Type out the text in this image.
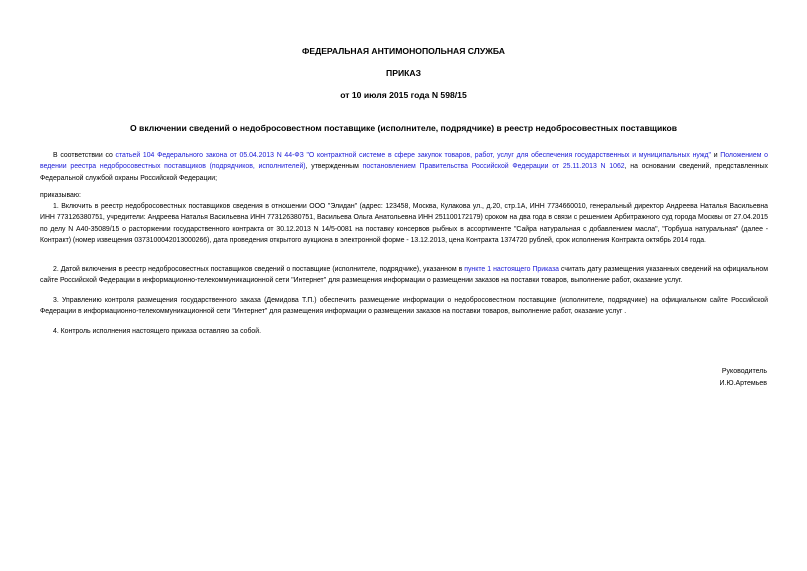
ФЕДЕРАЛЬНАЯ АНТИМОНОПОЛЬНАЯ СЛУЖБА
ПРИКАЗ
от 10 июля 2015 года N 598/15
О включении сведений о недобросовестном поставщике (исполнителе, подрядчике) в реестр недобросовестных поставщиков
В соответствии со статьей 104 Федерального закона от 05.04.2013 N 44-ФЗ "О контрактной системе в сфере закупок товаров, работ, услуг для обеспечения государственных и муниципальных нужд" и Положением о ведении реестра недобросовестных поставщиков (подрядчиков, исполнителей), утвержденным постановлением Правительства Российской Федерации от 25.11.2013 N 1062, на основании сведений, представленных Федеральной службой охраны Российской Федерации;
приказываю:
1. Включить в реестр недобросовестных поставщиков сведения в отношении ООО "Элидан" (адрес: 123458, Москва, Кулакова ул., д.20, стр.1А, ИНН 7734660010, генеральный директор Андреева Наталья Васильевна ИНН 773126380751, учредители: Андреева Наталья Васильевна ИНН 773126380751, Васильева Ольга Анатольевна ИНН 251100172179) сроком на два года в связи с решением Арбитражного суд города Москвы от 27.04.2015 по делу N А40-35089/15 о расторжении государственного контракта от 30.12.2013 N 14/5-0081 на поставку консервов рыбных в ассортименте "Сайра натуральная с добавлением масла", "Горбуша натуральная" (далее - Контракт) (номер извещения 0373100042013000266), дата проведения открытого аукциона в электронной форме - 13.12.2013, цена Контракта 1374720 рублей, срок исполнения Контракта октябрь 2014 года.
2. Датой включения в реестр недобросовестных поставщиков сведений о поставщике (исполнителе, подрядчике), указанном в пункте 1 настоящего Приказа считать дату размещения указанных сведений на официальном сайте Российской Федерации в информационно-телекоммуникационной сети "Интернет" для размещения информации о размещении заказов на поставки товаров, выполнение работ, оказание услуг.
3. Управлению контроля размещения государственного заказа (Демидова Т.П.) обеспечить размещение информации о недобросовестном поставщике (исполнителе, подрядчике) на официальном сайте Российской Федерации в информационно-телекоммуникационной сети "Интернет" для размещения информации о размещении заказов на поставки товаров, выполнение работ, оказание услуг .
4. Контроль исполнения настоящего приказа оставляю за собой.
Руководитель
И.Ю.Артемьев
